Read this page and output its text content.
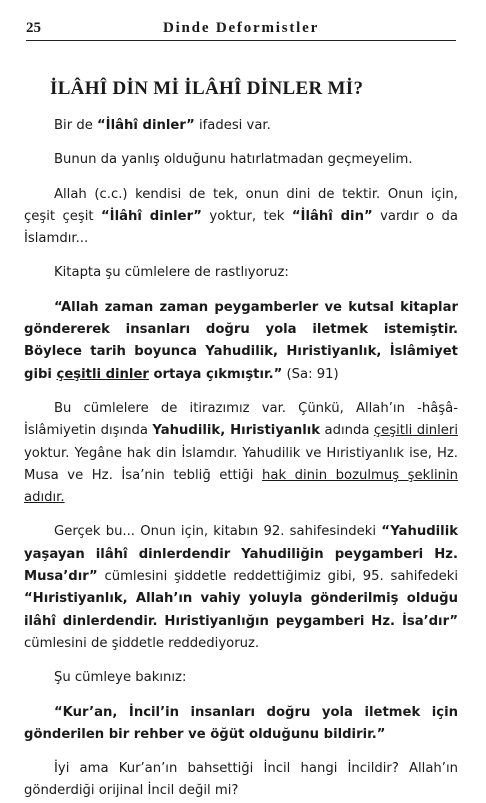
25	Dinde Deformistler
İLÂHÎ DİN Mİ İLÂHÎ DİNLER Mİ?

Bir de “İlâhî dinler” ifadesi var.

Bunun da yanlış olduğunu hatırlatmadan geçmeyelim.

Allah (c.c.) kendisi de tek, onun dini de tektir. Onun için, çeşit çeşit “İlâhî dinler” yoktur, tek “İlâhî din” vardır o da İslamdır...

Kitapta şu cümlelere de rastlıyoruz:

“Allah zaman zaman peygamberler ve kutsal kitaplar göndererek insanları doğru yola iletmek istemiştir. Böylece tarih boyunca Yahudilik, Hıristiyanlık, İslâmiyet gibi çeşitli dinler ortaya çıkmıştır.” (Sa: 91)

Bu cümlelere de itirazımız var. Çünkü, Allah’ın -hâşâ- İslâmiyetin dışında Yahudilik, Hıristiyanlık adında çeşitli dinleri yoktur. Yegâne hak din İslamdır. Yahudilik ve Hıristiyanlık ise, Hz. Musa ve Hz. İsa’nin tebliğ ettiği hak dinin bozulmuş şeklinin adıdır.

Gerçek bu... Onun için, kitabın 92. sahifesindeki “Yahudilik yaşayan ilâhî dinlerdendir Yahudiliğin peygamberi Hz. Musa’dır” cümlesini şiddetle reddettiğimiz gibi, 95. sahifedeki “Hıristiyanlık, Allah’ın vahiy yoluyla gönderilmiş olduğu ilâhî dinlerdendir. Hıristiyanlığın peygamberi Hz. İsa’dır” cümlesini de şiddetle reddediyoruz.

Şu cümleye bakınız:

“Kur’an, İncil’in insanları doğru yola iletmek için gönderilen bir rehber ve öğüt olduğunu bildirir.”

İyi ama Kur’an’ın bahsettiği İncil hangi İncildir? Allah’ın gönderdiği orijinal İncil değil mi?
